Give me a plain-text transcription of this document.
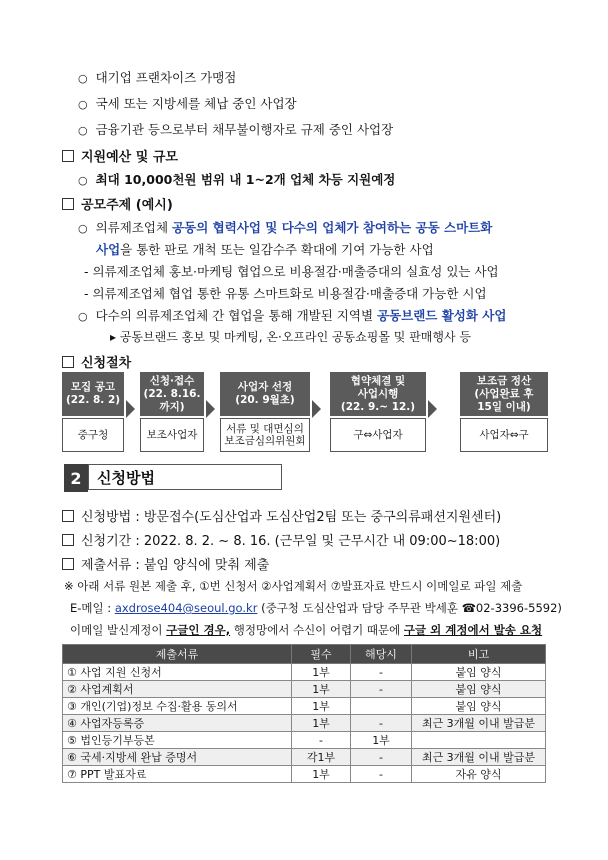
○ 대기업 프랜차이즈 가맹점
○ 국세 또는 지방세를 체납 중인 사업장
○ 금융기관 등으로부터 채무불이행자로 규제 중인 사업장
지원예산 및 규모
○ 최대 10,000천원 범위 내 1~2개 업체 차등 지원예정
공모주제 (예시)
○ 의류제조업체 공동의 협력사업 및 다수의 업체가 참여하는 공동 스마트화
사업을 통한 판로 개척 또는 일감수주 확대에 기여 가능한 사업
- 의류제조업체 홍보·마케팅 협업으로 비용절감·매출증대의 실효성 있는 사업
- 의류제조업체 협업 통한 유통 스마트화로 비용절감·매출증대 가능한 시업
○ 다수의 의류제조업체 간 협업을 통해 개발된 지역별 공동브랜드 활성화 사업
▸ 공동브랜드 홍보 및 마케팅, 온·오프라인 공동쇼핑몰 및 판매행사 등
신청절차
모집 공고
(22. 8. 2)
중구청
신청·접수
(22. 8.16.까지)
보조사업자
사업자 선정
(20. 9월초)
서류 및 대면심의
보조금심의위원회
협약체결 및
사업시행
(22. 9.~ 12.)
구⇔사업자
보조금 정산
(사업완료 후
15일 이내)
사업자⇔구
2	신청방법
신청방법 : 방문접수(도심산업과 도심산업2팀 또는 중구의류패션지원센터)
신청기간 : 2022. 8. 2. ~ 8. 16. (근무일 및 근무시간 내 09:00~18:00)
제출서류 : 붙임 양식에 맞춰 제출
※ 아래 서류 원본 제출 후, ①번 신청서 ②사업계획서 ⑦발표자료 반드시 이메일로 파일 제출
E-메일 : axdrose404@seoul.go.kr (중구청 도심산업과 담당 주무관 박세훈 ☎02-3396-5592)
이메일 발신계정이 구글인 경우, 행정망에서 수신이 어렵기 때문에 구글 외 계정에서 발송 요청
제출서류	필수	해당시	비고
① 사업 지원 신청서	1부	-	붙임 양식
② 사업계획서	1부	-	붙임 양식
③ 개인(기업)정보 수집·활용 동의서	1부		붙임 양식
④ 사업자등록증	1부	-	최근 3개월 이내 발급분
⑤ 법인등기부등본	-	1부	
⑥ 국세·지방세 완납 증명서	각1부	-	최근 3개월 이내 발급분
⑦ PPT 발표자료	1부	-	자유 양식
